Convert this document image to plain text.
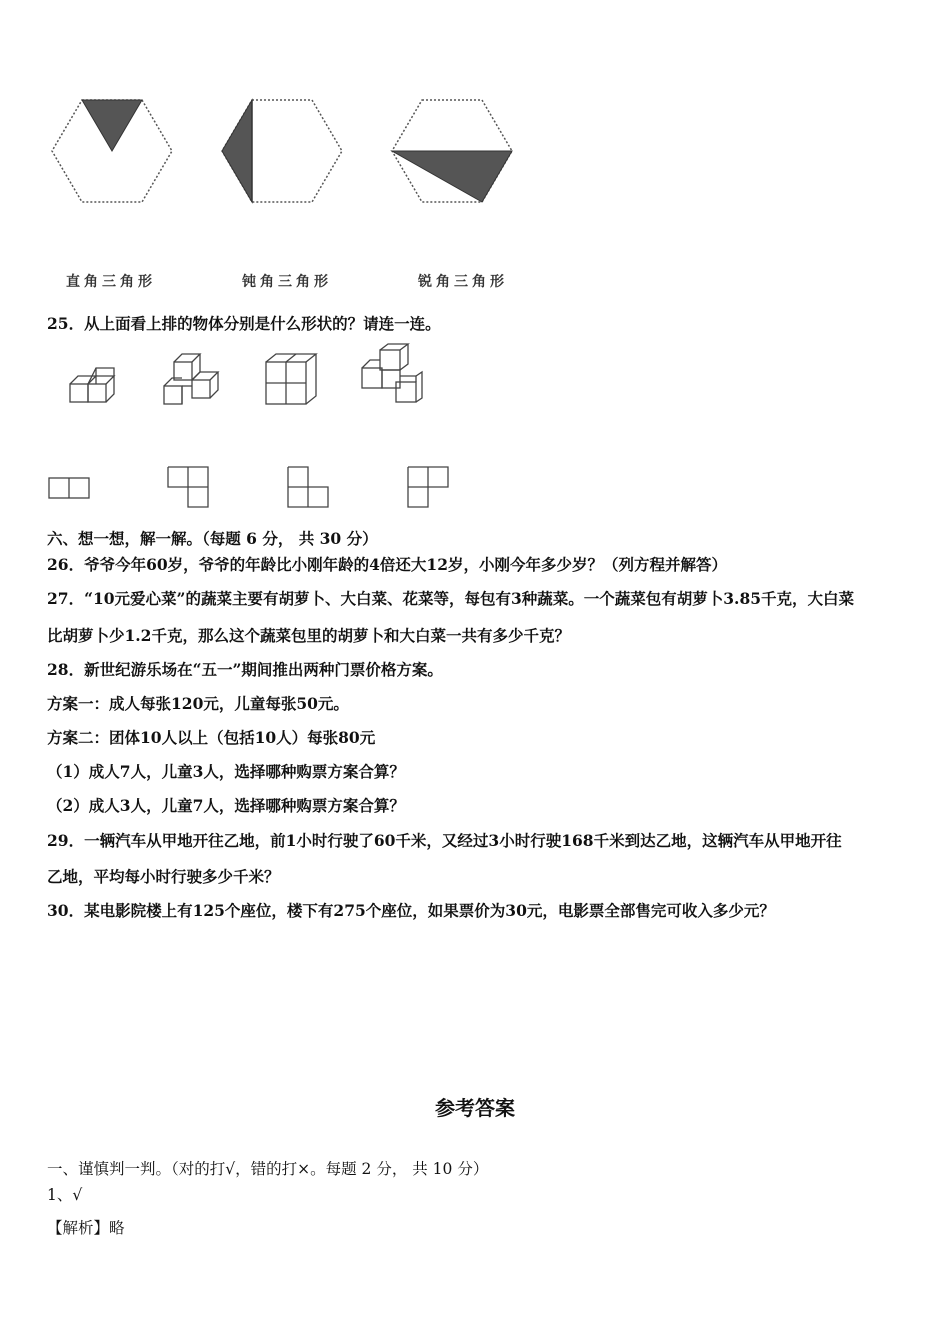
直角三角形	钝角三角形	锐角三角形
25．从上面看上排的物体分别是什么形状的？请连一连。
六、想一想，解一解。（每题 6 分， 共 30 分）
26．爷爷今年60岁，爷爷的年龄比小刚年龄的4倍还大12岁，小刚今年多少岁？（列方程并解答）
27．“10元爱心菜”的蔬菜主要有胡萝卜、大白菜、花菜等，每包有3种蔬菜。一个蔬菜包有胡萝卜3.85千克，大白菜
比胡萝卜少1.2千克，那么这个蔬菜包里的胡萝卜和大白菜一共有多少千克？
28．新世纪游乐场在“五一”期间推出两种门票价格方案。
方案一：成人每张120元，儿童每张50元。
方案二：团体10人以上（包括10人）每张80元
（1）成人7人，儿童3人，选择哪种购票方案合算？
（2）成人3人，儿童7人，选择哪种购票方案合算？
29．一辆汽车从甲地开往乙地，前1小时行驶了60千米，又经过3小时行驶168千米到达乙地，这辆汽车从甲地开往
乙地，平均每小时行驶多少千米？
30．某电影院楼上有125个座位，楼下有275个座位，如果票价为30元，电影票全部售完可收入多少元？
参考答案
一、谨慎判一判。（对的打√，错的打×。每题 2 分， 共 10 分）
1、√
【解析】略
